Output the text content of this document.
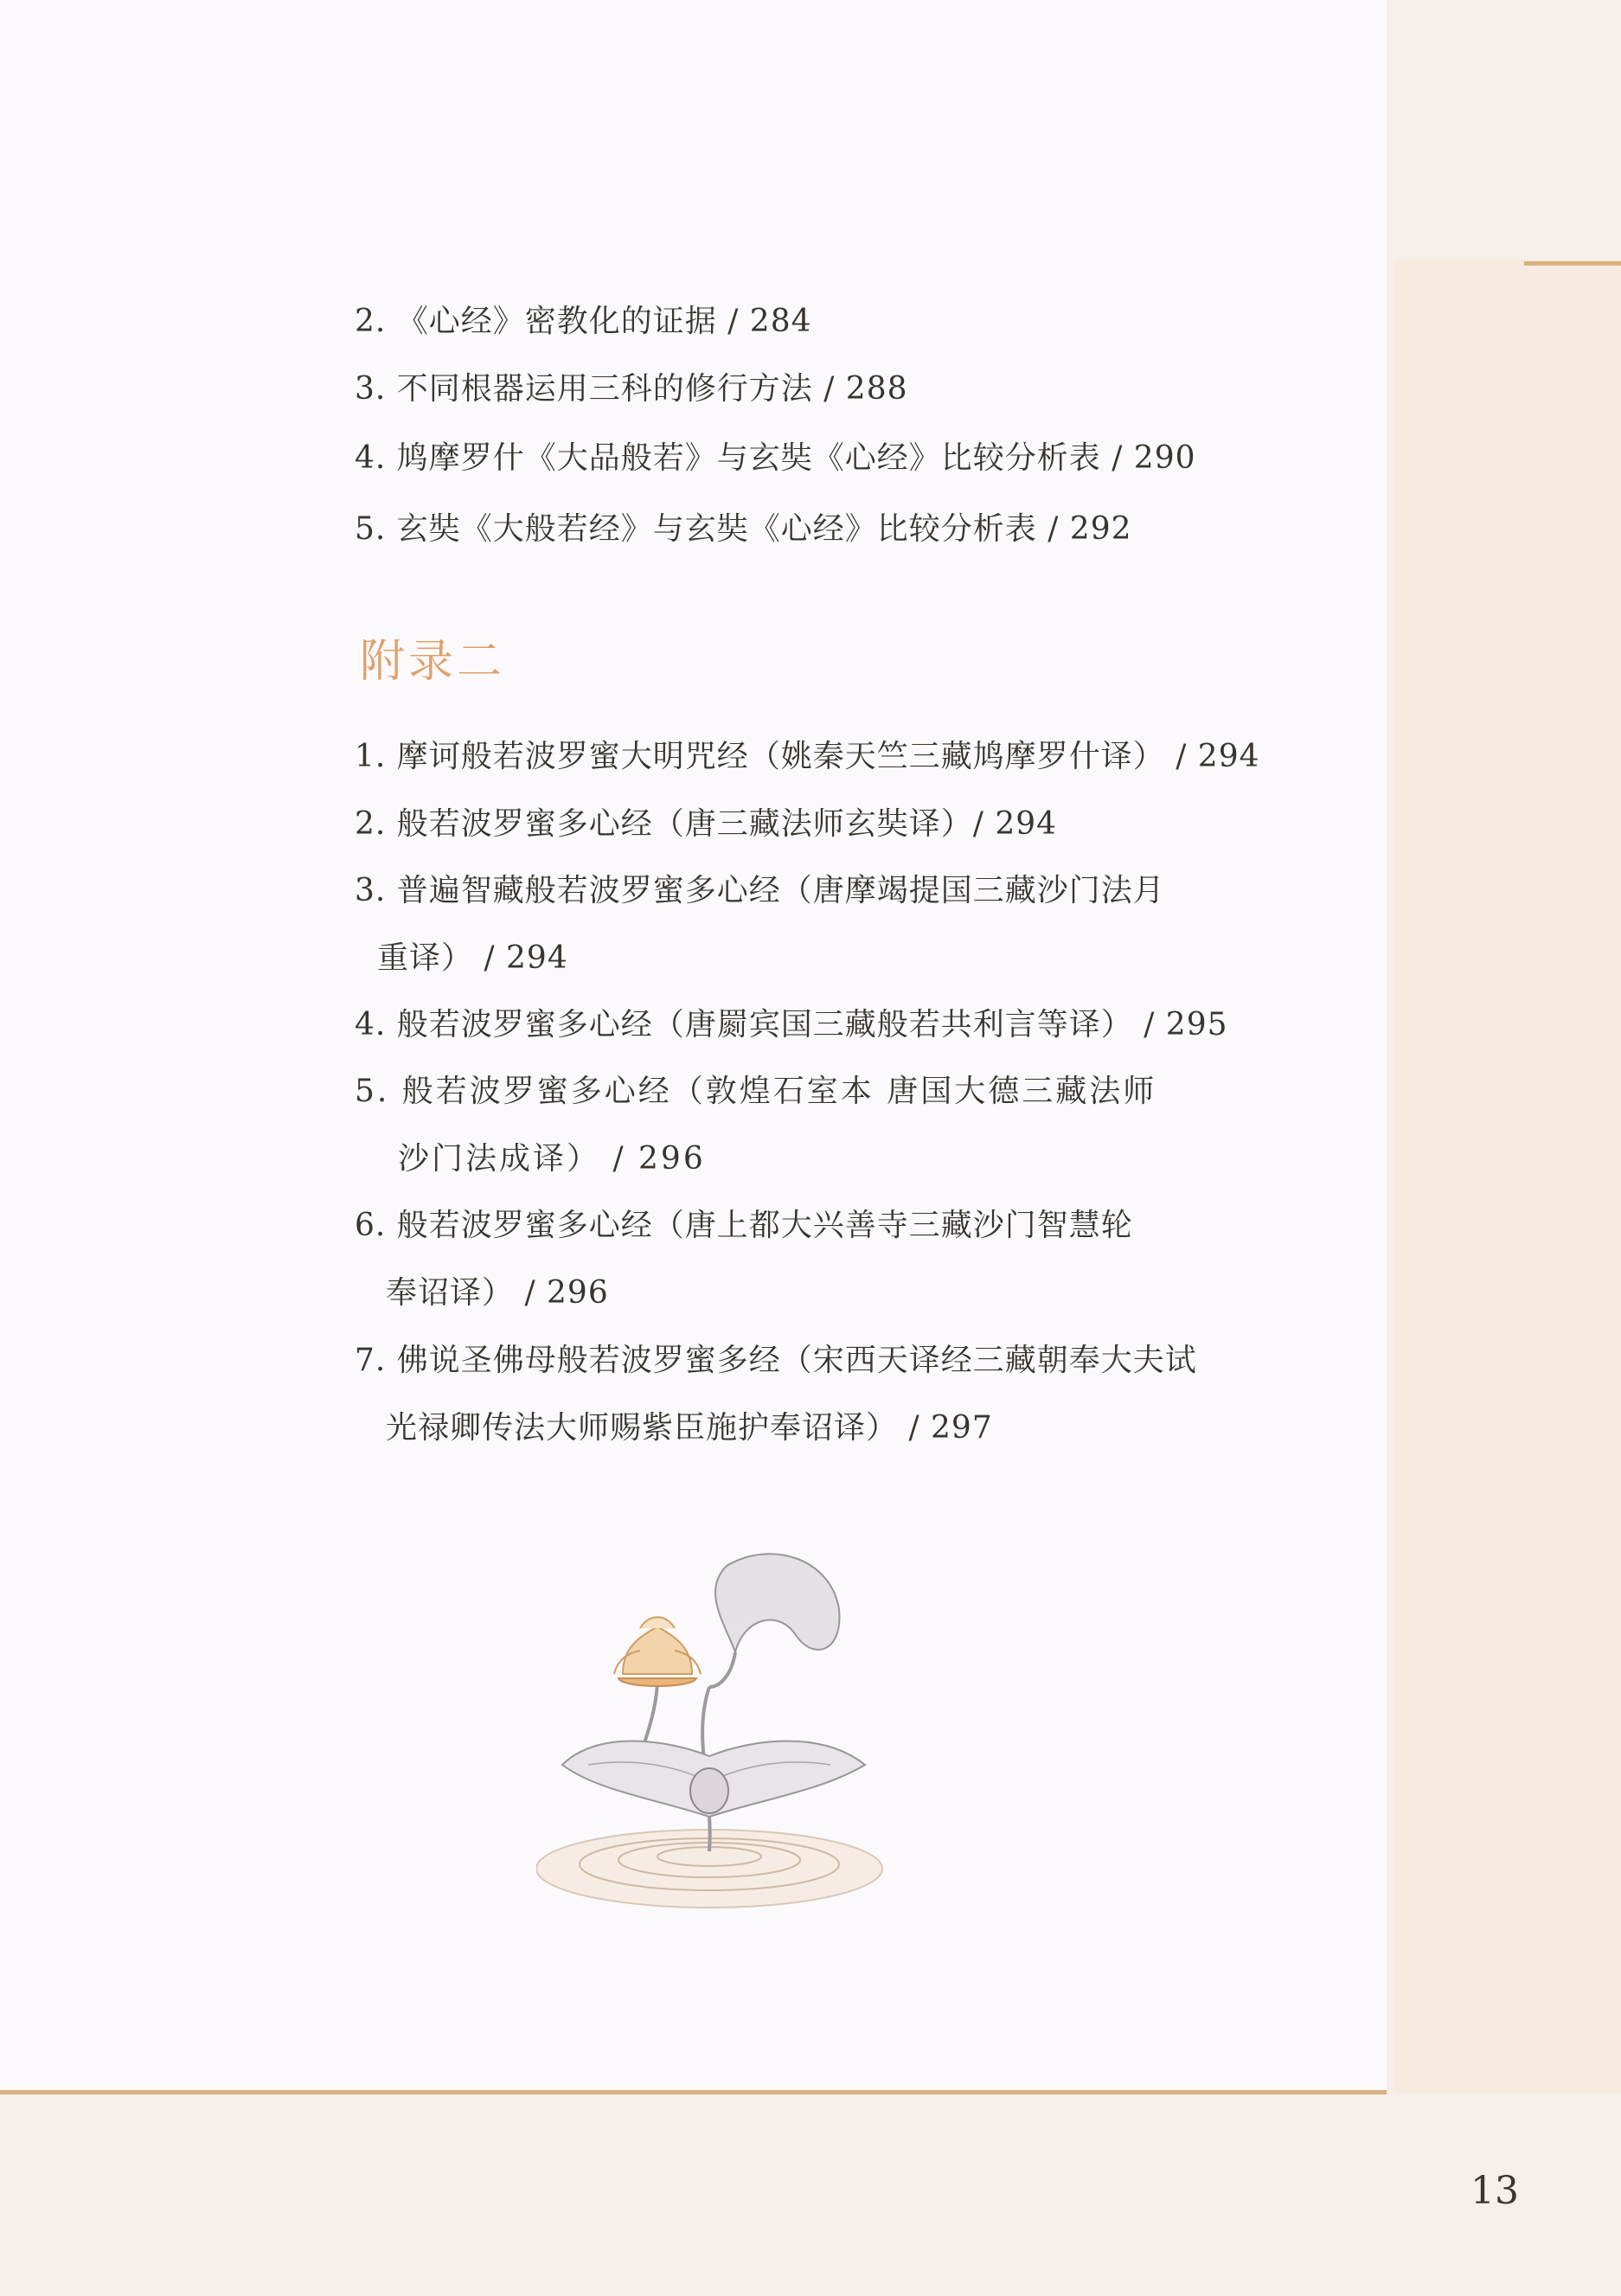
2. 《心经》密教化的证据 / 284
3. 不同根器运用三科的修行方法 / 288
4. 鸠摩罗什《大品般若》与玄奘《心经》比较分析表 / 290
5. 玄奘《大般若经》与玄奘《心经》比较分析表 / 292
1. 摩诃般若波罗蜜大明咒经（姚秦天竺三藏鸠摩罗什译） / 294
2. 般若波罗蜜多心经（唐三藏法师玄奘译）/ 294
3. 普遍智藏般若波罗蜜多心经（唐摩竭提国三藏沙门法月
重译） / 294
4. 般若波罗蜜多心经（唐罽宾国三藏般若共利言等译） / 295
5. 般若波罗蜜多心经（敦煌石室本 唐国大德三藏法师
沙门法成译） / 296
6. 般若波罗蜜多心经（唐上都大兴善寺三藏沙门智慧轮
奉诏译） / 296
7. 佛说圣佛母般若波罗蜜多经（宋西天译经三藏朝奉大夫试
光禄卿传法大师赐紫臣施护奉诏译） / 297
附录二
13
